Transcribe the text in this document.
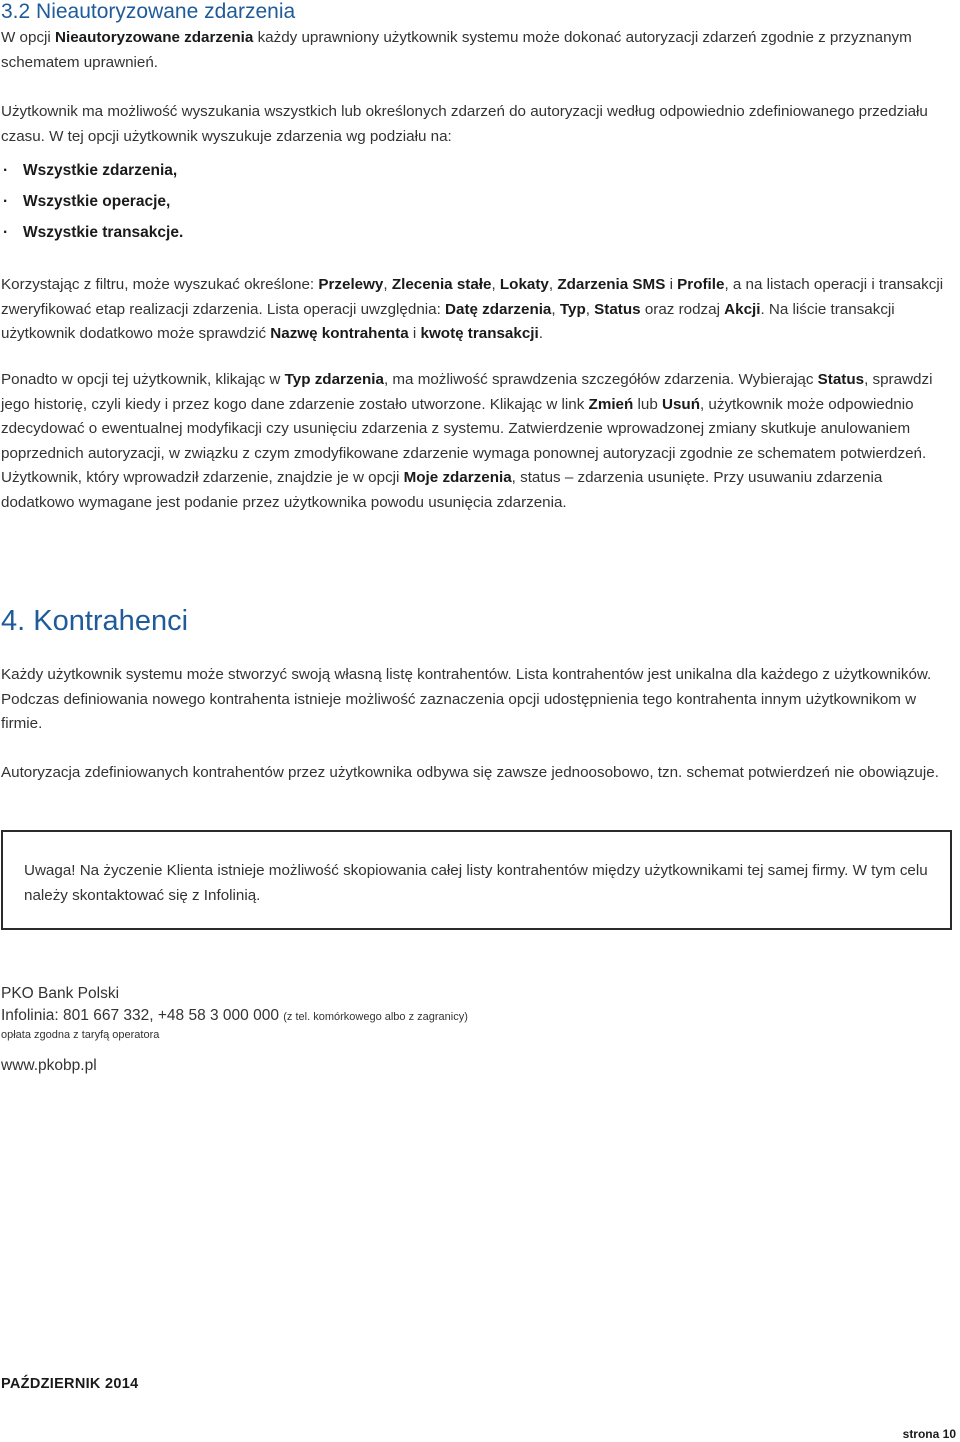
3.2 Nieautoryzowane zdarzenia
W opcji Nieautoryzowane zdarzenia każdy uprawniony użytkownik systemu może dokonać autoryzacji zdarzeń zgodnie z przyznanym schematem uprawnień.
Użytkownik ma możliwość wyszukania wszystkich lub określonych zdarzeń do autoryzacji według odpowiednio zdefiniowanego przedziału czasu. W tej opcji użytkownik wyszukuje zdarzenia wg podziału na:
· Wszystkie zdarzenia,
· Wszystkie operacje,
· Wszystkie transakcje.
Korzystając z filtru, może wyszukać określone: Przelewy, Zlecenia stałe, Lokaty, Zdarzenia SMS i Profile, a na listach operacji i transakcji zweryfikować etap realizacji zdarzenia. Lista operacji uwzględnia: Datę zdarzenia, Typ, Status oraz rodzaj Akcji. Na liście transakcji użytkownik dodatkowo może sprawdzić Nazwę kontrahenta i kwotę transakcji.
Ponadto w opcji tej użytkownik, klikając w Typ zdarzenia, ma możliwość sprawdzenia szczegółów zdarzenia. Wybierając Status, sprawdzi jego historię, czyli kiedy i przez kogo dane zdarzenie zostało utworzone. Klikając w link Zmień lub Usuń, użytkownik może odpowiednio zdecydować o ewentualnej modyfikacji czy usunięciu zdarzenia z systemu. Zatwierdzenie wprowadzonej zmiany skutkuje anulowaniem poprzednich autoryzacji, w związku z czym zmodyfikowane zdarzenie wymaga ponownej autoryzacji zgodnie ze schematem potwierdzeń. Użytkownik, który wprowadził zdarzenie, znajdzie je w opcji Moje zdarzenia, status – zdarzenia usunięte. Przy usuwaniu zdarzenia dodatkowo wymagane jest podanie przez użytkownika powodu usunięcia zdarzenia.
4. Kontrahenci
Każdy użytkownik systemu może stworzyć swoją własną listę kontrahentów. Lista kontrahentów jest unikalna dla każdego z użytkowników. Podczas definiowania nowego kontrahenta istnieje możliwość zaznaczenia opcji udostępnienia tego kontrahenta innym użytkownikom w firmie.
Autoryzacja zdefiniowanych kontrahentów przez użytkownika odbywa się zawsze jednoosobowo, tzn. schemat potwierdzeń nie obowiązuje.
Uwaga! Na życzenie Klienta istnieje możliwość skopiowania całej listy kontrahentów między użytkownikami tej samej firmy. W tym celu należy skontaktować się z Infolinią.
PKO Bank Polski
Infolinia: 801 667 332, +48 58 3 000 000 (z tel. komórkowego albo z zagranicy)
opłata zgodna z taryfą operatora
www.pkobp.pl
PAŹDZIERNIK 2014
strona 10
